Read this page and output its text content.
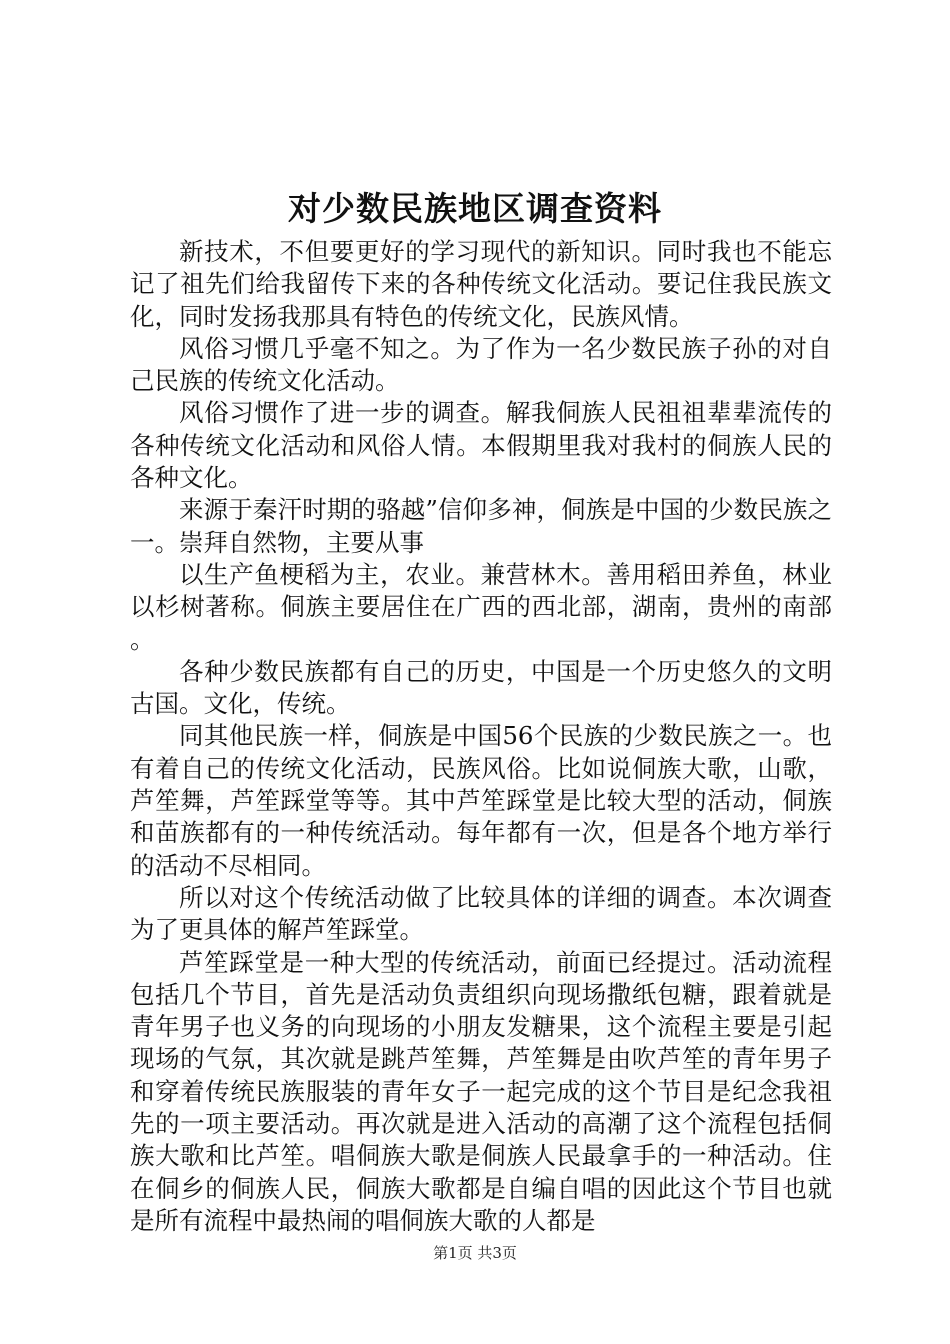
对少数民族地区调查资料

新技术，不但要更好的学习现代的新知识。同时我也不能忘记了祖先们给我留传下来的各种传统文化活动。要记住我民族文化，同时发扬我那具有特色的传统文化，民族风情。

风俗习惯几乎毫不知之。为了作为一名少数民族子孙的对自己民族的传统文化活动。

风俗习惯作了进一步的调查。解我侗族人民祖祖辈辈流传的各种传统文化活动和风俗人情。本假期里我对我村的侗族人民的各种文化。

来源于秦汗时期的骆越”信仰多神，侗族是中国的少数民族之一。崇拜自然物，主要从事

以生产鱼梗稻为主，农业。兼营林木。善用稻田养鱼，林业以杉树著称。侗族主要居住在广西的西北部，湖南，贵州的南部。

各种少数民族都有自己的历史，中国是一个历史悠久的文明古国。文化，传统。

同其他民族一样，侗族是中国56个民族的少数民族之一。也有着自己的传统文化活动，民族风俗。比如说侗族大歌，山歌，芦笙舞，芦笙踩堂等等。其中芦笙踩堂是比较大型的活动，侗族和苗族都有的一种传统活动。每年都有一次，但是各个地方举行的活动不尽相同。

所以对这个传统活动做了比较具体的详细的调查。本次调查为了更具体的解芦笙踩堂。

芦笙踩堂是一种大型的传统活动，前面已经提过。活动流程包括几个节目，首先是活动负责组织向现场撒纸包糖，跟着就是青年男子也义务的向现场的小朋友发糖果，这个流程主要是引起现场的气氛，其次就是跳芦笙舞，芦笙舞是由吹芦笙的青年男子和穿着传统民族服装的青年女子一起完成的这个节目是纪念我祖先的一项主要活动。再次就是进入活动的高潮了这个流程包括侗族大歌和比芦笙。唱侗族大歌是侗族人民最拿手的一种活动。住在侗乡的侗族人民，侗族大歌都是自编自唱的因此这个节目也就是所有流程中最热闹的唱侗族大歌的人都是

第1页 共3页
